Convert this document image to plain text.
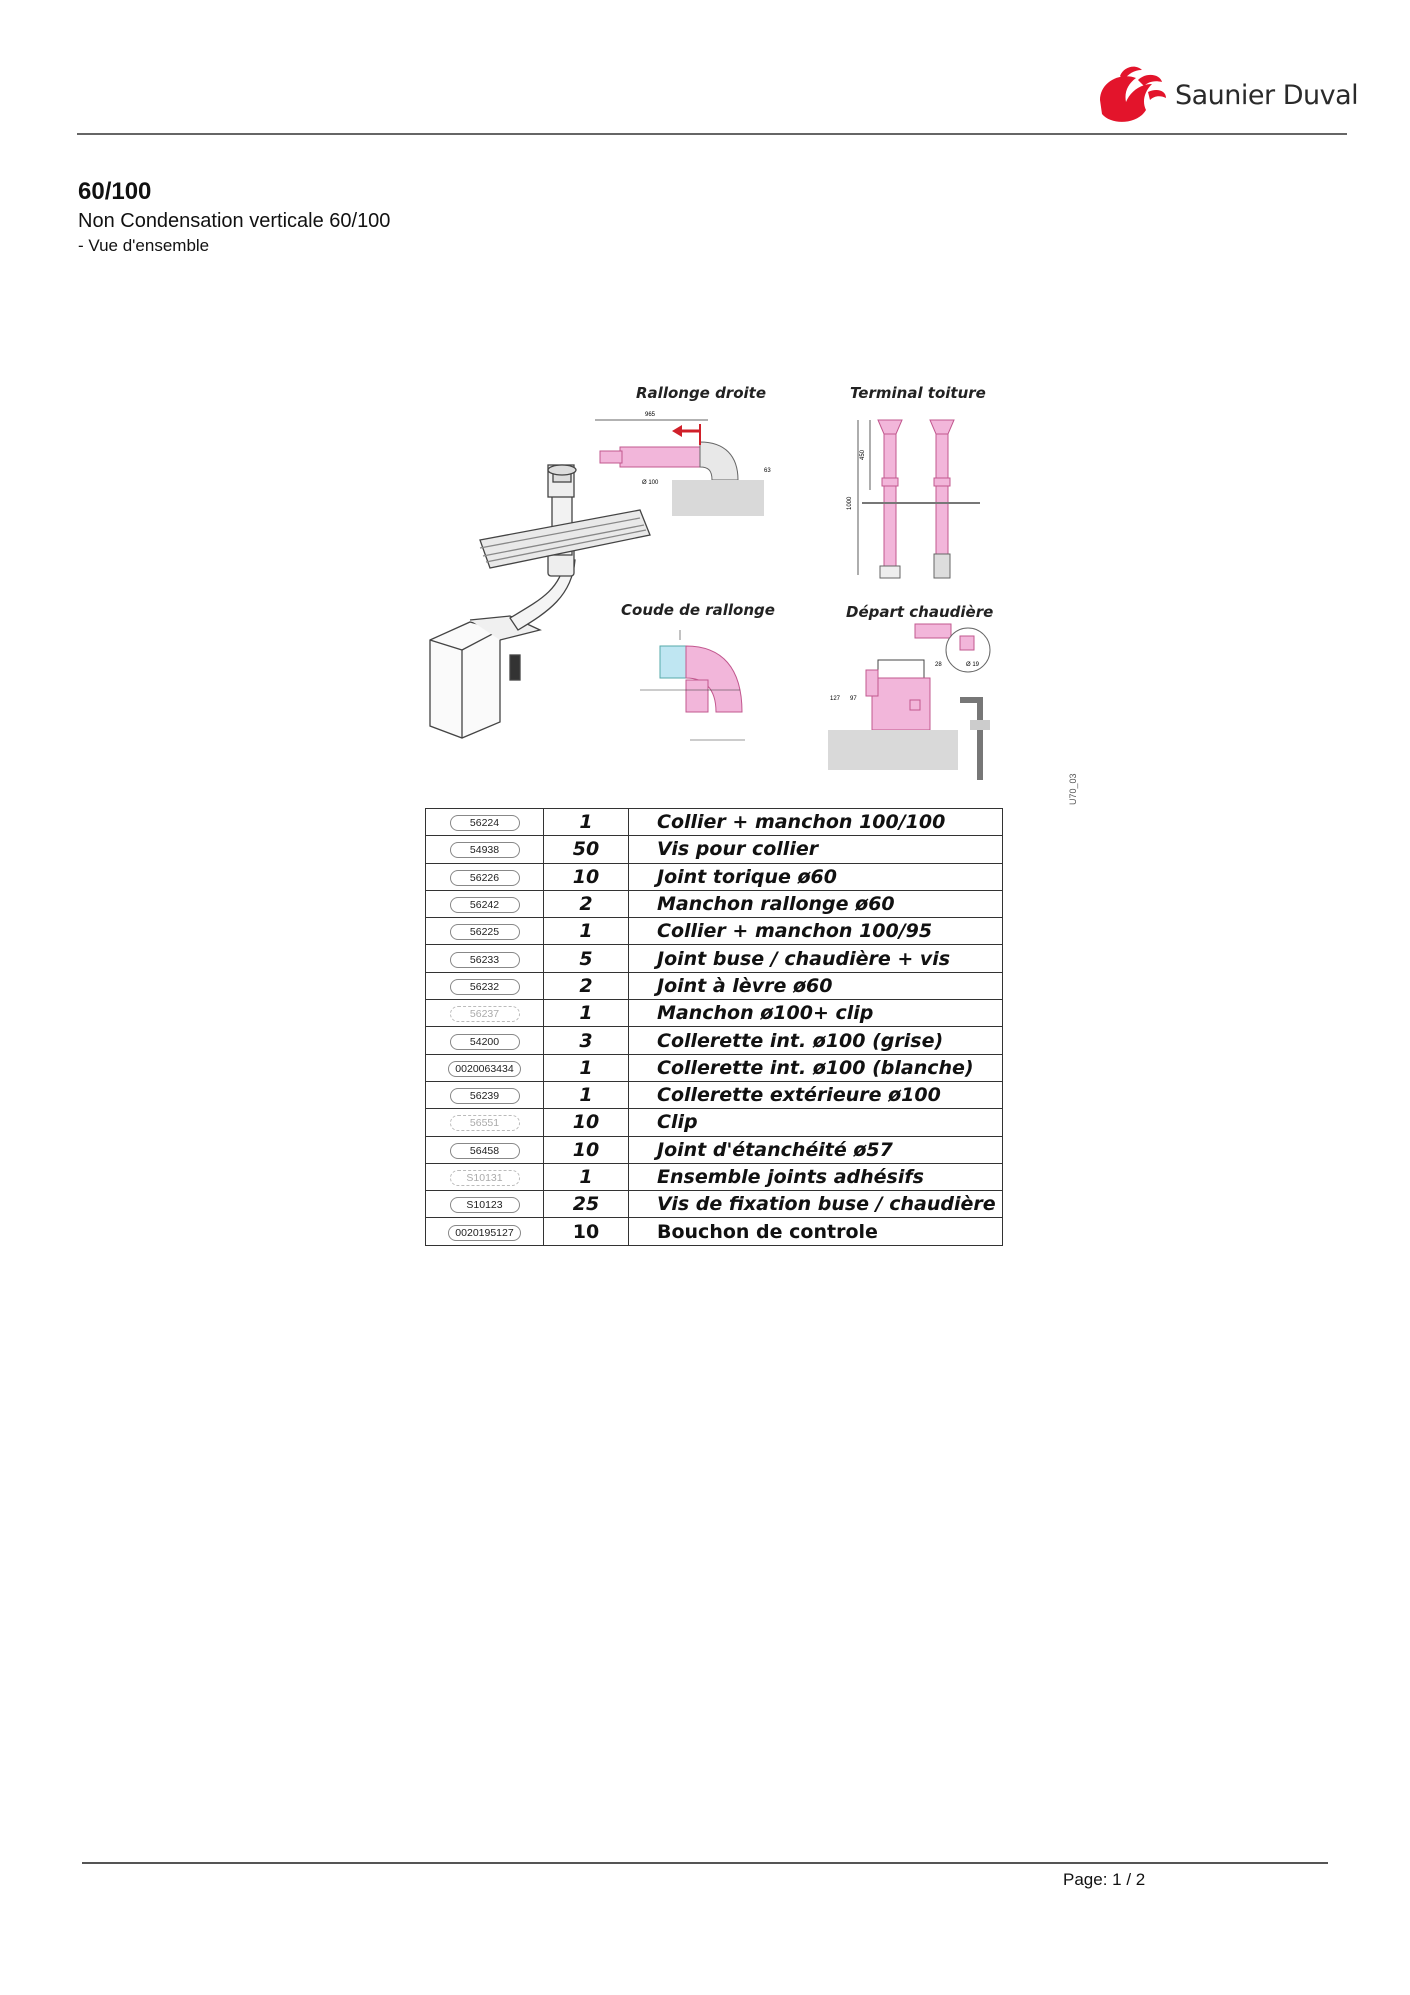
Saunier Duval
60/100
Non Condensation verticale 60/100
- Vue d'ensemble
Rallonge droite	Terminal toiture
Coude de rallonge	Départ chaudière
U70_03
965
Ø 100
63
1000
450
Ø 19
127 97
28
56224	1	Collier + manchon 100/100
54938	50	Vis pour collier
56226	10	Joint torique ø60
56242	2	Manchon rallonge ø60
56225	1	Collier + manchon 100/95
56233	5	Joint buse / chaudière + vis
56232	2	Joint à lèvre ø60
56237	1	Manchon ø100+ clip
54200	3	Collerette int. ø100 (grise)
0020063434	1	Collerette int. ø100 (blanche)
56239	1	Collerette extérieure ø100
56551	10	Clip
56458	10	Joint d'étanchéité ø57
S10131	1	Ensemble joints adhésifs
S10123	25	Vis de fixation buse / chaudière
0020195127	10	Bouchon de controle
Page: 1 / 2
